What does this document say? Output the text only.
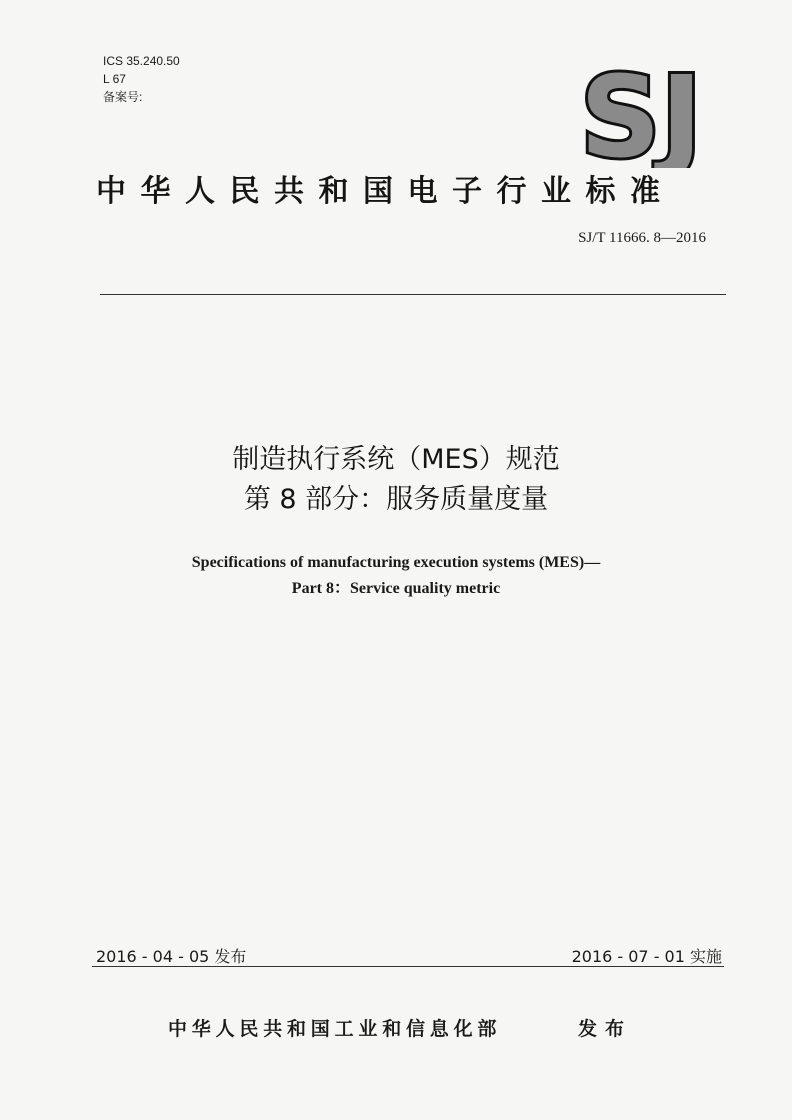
ICS 35.240.50
L 67
备案号:	SJ
中华人民共和国电子行业标准
SJ/T 11666. 8—2016
制造执行系统（MES）规范
第 8 部分：服务质量度量
Specifications of manufacturing execution systems (MES)—
Part 8：Service quality metric
2016 - 04 - 05 发布	2016 - 07 - 01 实施
中华人民共和国工业和信息化部	发布
